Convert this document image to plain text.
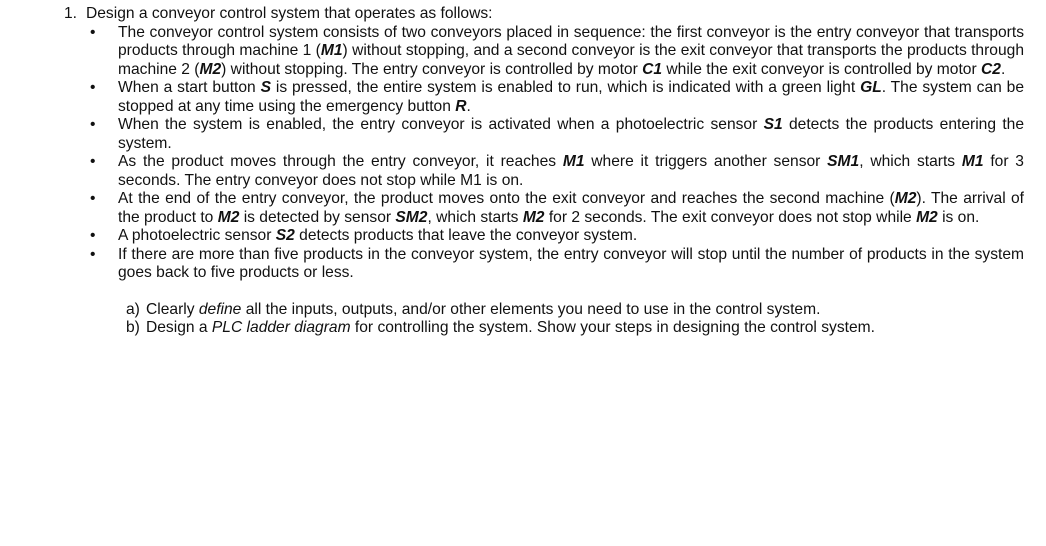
1. Design a conveyor control system that operates as follows:
•	The conveyor control system consists of two conveyors placed in sequence: the first conveyor is the entry conveyor that transports products through machine 1 (M1) without stopping, and a second conveyor is the exit conveyor that transports the products through machine 2 (M2) without stopping. The entry conveyor is controlled by motor C1 while the exit conveyor is controlled by motor C2.
•	When a start button S is pressed, the entire system is enabled to run, which is indicated with a green light GL. The system can be stopped at any time using the emergency button R.
•	When the system is enabled, the entry conveyor is activated when a photoelectric sensor S1 detects the products entering the system.
•	As the product moves through the entry conveyor, it reaches M1 where it triggers another sensor SM1, which starts M1 for 3 seconds. The entry conveyor does not stop while M1 is on.
•	At the end of the entry conveyor, the product moves onto the exit conveyor and reaches the second machine (M2). The arrival of the product to M2 is detected by sensor SM2, which starts M2 for 2 seconds. The exit conveyor does not stop while M2 is on.
•	A photoelectric sensor S2 detects products that leave the conveyor system.
•	If there are more than five products in the conveyor system, the entry conveyor will stop until the number of products in the system goes back to five products or less.
a) Clearly define all the inputs, outputs, and/or other elements you need to use in the control system.
b) Design a PLC ladder diagram for controlling the system. Show your steps in designing the control system.
